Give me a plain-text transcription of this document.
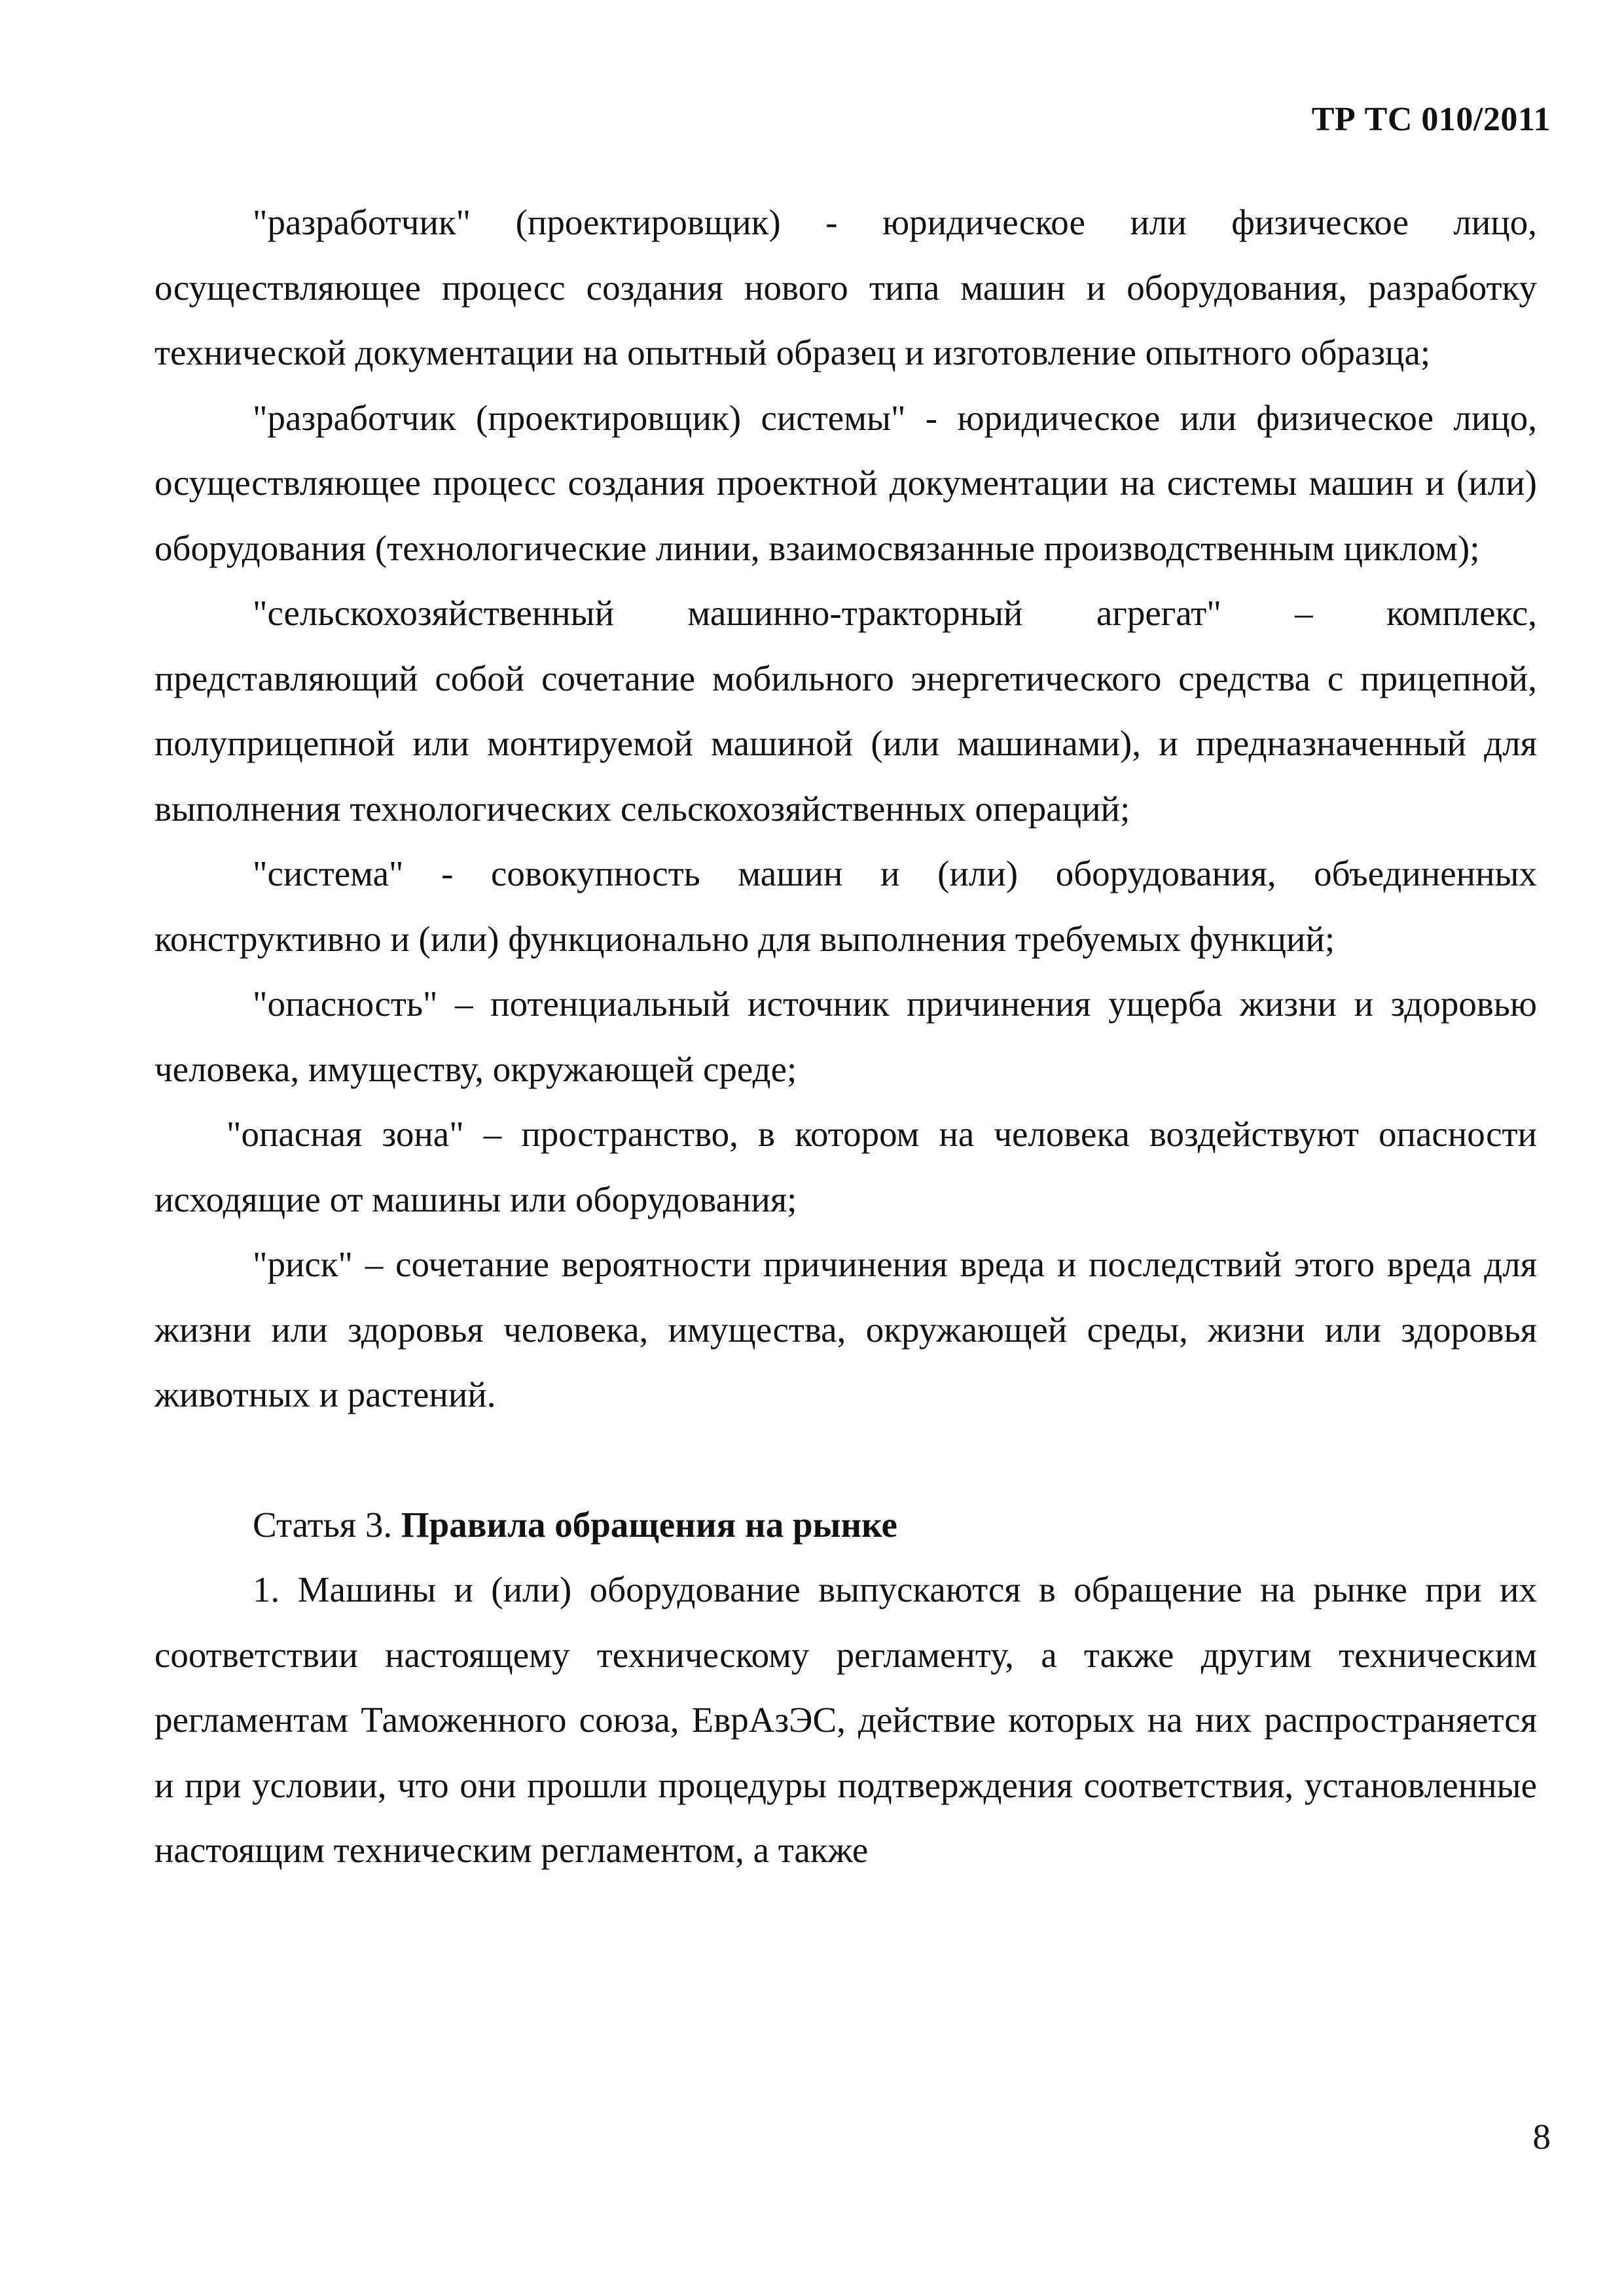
ТР ТС 010/2011

"разработчик" (проектировщик) - юридическое или физическое лицо, осуществляющее процесс создания нового типа машин и оборудования, разработку технической документации на опытный образец и изготовление опытного образца;

"разработчик (проектировщик) системы" - юридическое или физическое лицо, осуществляющее процесс создания проектной документации на системы машин и (или) оборудования (технологические линии, взаимосвязанные производственным циклом);

"сельскохозяйственный машинно-тракторный агрегат" – комплекс, представляющий собой сочетание мобильного энергетического средства с прицепной, полуприцепной или монтируемой машиной (или машинами), и предназначенный для выполнения технологических сельскохозяйственных операций;

"система" - совокупность машин и (или) оборудования, объединенных конструктивно и (или) функционально для выполнения требуемых функций;

"опасность" – потенциальный источник причинения ущерба жизни и здоровью человека, имуществу, окружающей среде;

"опасная зона" – пространство, в котором на человека воздействуют опасности исходящие от машины или оборудования;

"риск" – сочетание вероятности причинения вреда и последствий этого вреда для жизни или здоровья человека, имущества, окружающей среды, жизни или здоровья животных и растений.

Статья 3. Правила обращения на рынке

1. Машины и (или) оборудование выпускаются в обращение на рынке при их соответствии настоящему техническому регламенту, а также другим техническим регламентам Таможенного союза, ЕврАзЭС, действие которых на них распространяется и при условии, что они прошли процедуры подтверждения соответствия, установленные настоящим техническим регламентом, а также

8
